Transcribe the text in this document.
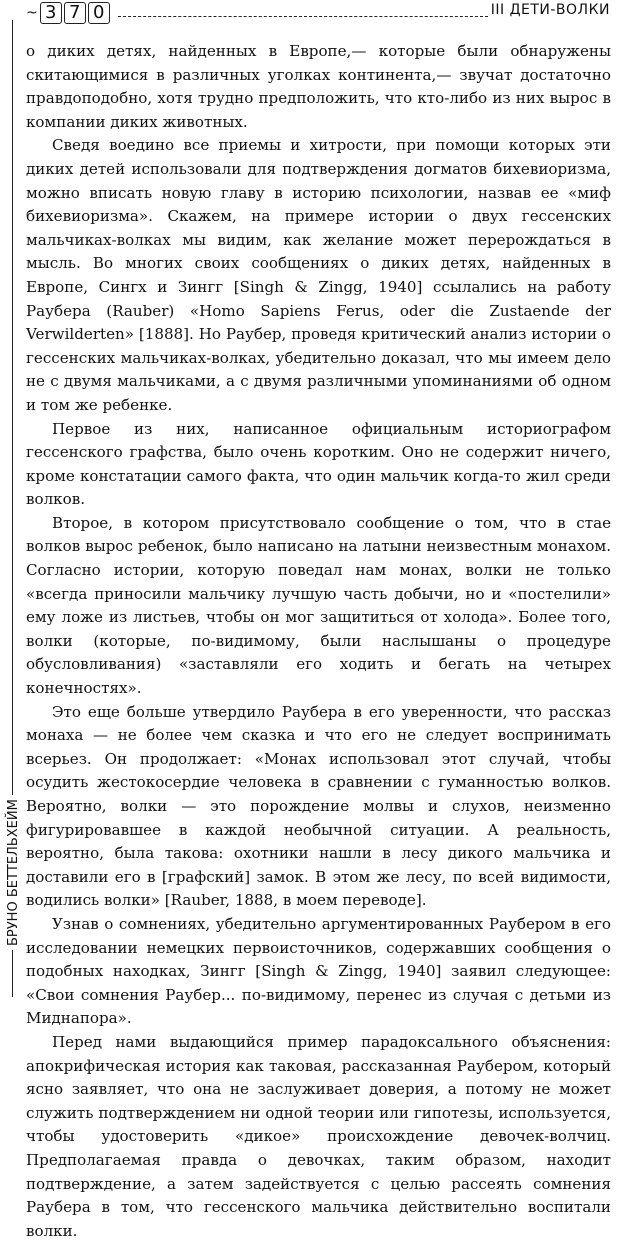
~ 3 7 0	III ДЕТИ-ВОЛКИ
БРУНО БЕТТЕЛЬХЕЙМ

о диких детях, найденных в Европе,— которые были обнаружены скитающимися в различных уголках континента,— звучат достаточно правдоподобно, хотя трудно предположить, что кто-либо из них вырос в компании диких животных.

Сведя воедино все приемы и хитрости, при помощи которых эти диких детей использовали для подтверждения догматов бихевиоризма, можно вписать новую главу в историю психологии, назвав ее «миф бихевиоризма». Скажем, на примере истории о двух гессенских мальчиках-волках мы видим, как желание может перерождаться в мысль. Во многих своих сообщениях о диких детях, найденных в Европе, Сингх и Зингг [Singh & Zingg, 1940] ссылались на работу Раубера (Rauber) «Homo Sapiens Ferus, oder die Zustaende der Verwilderten» [1888]. Но Раубер, проведя критический анализ истории о гессенских мальчиках-волках, убедительно доказал, что мы имеем дело не с двумя мальчиками, а с двумя различными упоминаниями об одном и том же ребенке.

Первое из них, написанное официальным историографом гессенского графства, было очень коротким. Оно не содержит ничего, кроме констатации самого факта, что один мальчик когда-то жил среди волков.

Второе, в котором присутствовало сообщение о том, что в стае волков вырос ребенок, было написано на латыни неизвестным монахом. Согласно истории, которую поведал нам монах, волки не только «всегда приносили мальчику лучшую часть добычи, но и «постелили» ему ложе из листьев, чтобы он мог защититься от холода». Более того, волки (которые, по-видимому, были наслышаны о процедуре обусловливания) «заставляли его ходить и бегать на четырех конечностях».

Это еще больше утвердило Раубера в его уверенности, что рассказ монаха — не более чем сказка и что его не следует воспринимать всерьез. Он продолжает: «Монах использовал этот случай, чтобы осудить жестокосердие человека в сравнении с гуманностью волков. Вероятно, волки — это порождение молвы и слухов, неизменно фигурировавшее в каждой необычной ситуации. А реальность, вероятно, была такова: охотники нашли в лесу дикого мальчика и доставили его в [графский] замок. В этом же лесу, по всей видимости, водились волки» [Rauber, 1888, в моем переводе].

Узнав о сомнениях, убедительно аргументированных Раубером в его исследовании немецких первоисточников, содержавших сообщения о подобных находках, Зингг [Singh & Zingg, 1940] заявил следующее: «Свои сомнения Раубер... по-видимому, перенес из случая с детьми из Миднапора».

Перед нами выдающийся пример парадоксального объяснения: апокрифическая история как таковая, рассказанная Раубером, который ясно заявляет, что она не заслуживает доверия, а потому не может служить подтверждением ни одной теории или гипотезы, используется, чтобы удостоверить «дикое» происхождение девочек-волчиц. Предполагаемая правда о девочках, таким образом, находит подтверждение, а затем задействуется с целью рассеять сомнения Раубера в том, что гессенского мальчика действительно воспитали волки.
